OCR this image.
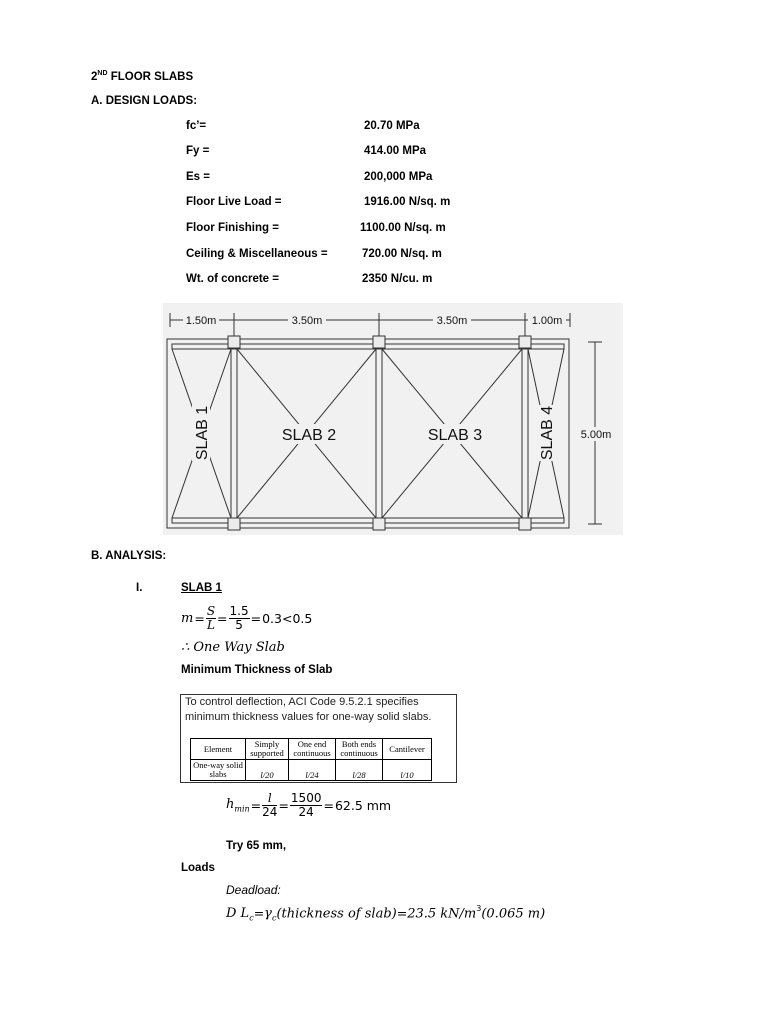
2ND FLOOR SLABS
A. DESIGN LOADS:
fc’=	20.70 MPa
Fy =	414.00 MPa
Es =	200,000 MPa
Floor Live Load =	1916.00 N/sq. m
Floor Finishing =	1100.00 N/sq. m
Ceiling & Miscellaneous =	720.00 N/sq. m
Wt. of concrete =	2350 N/cu. m
1.50m	3.50m	3.50m	1.00m
5.00m
SLAB 1	SLAB 2	SLAB 3	SLAB 4
B. ANALYSIS:
I.	SLAB 1
$m = \frac{S}{L} = \frac{1.5}{5} = 0.3<0.5$
∴ One Way Slab
Minimum Thickness of Slab
To control deflection, ACI Code 9.5.2.1 specifies minimum thickness values for one-way solid slabs.
Element	Simply supported	One end continuous	Both ends continuous	Cantilever
One-way solid slabs	l/20	l/24	l/28	l/10
$h_{min} = \frac{l}{24} = \frac{1500}{24} = 62.5$ mm
Try 65 mm,
Loads
Deadload:
D $L_c=\gamma_c(thickness$ of slab)=23.5 $kN/m^3(0.065$ m)
